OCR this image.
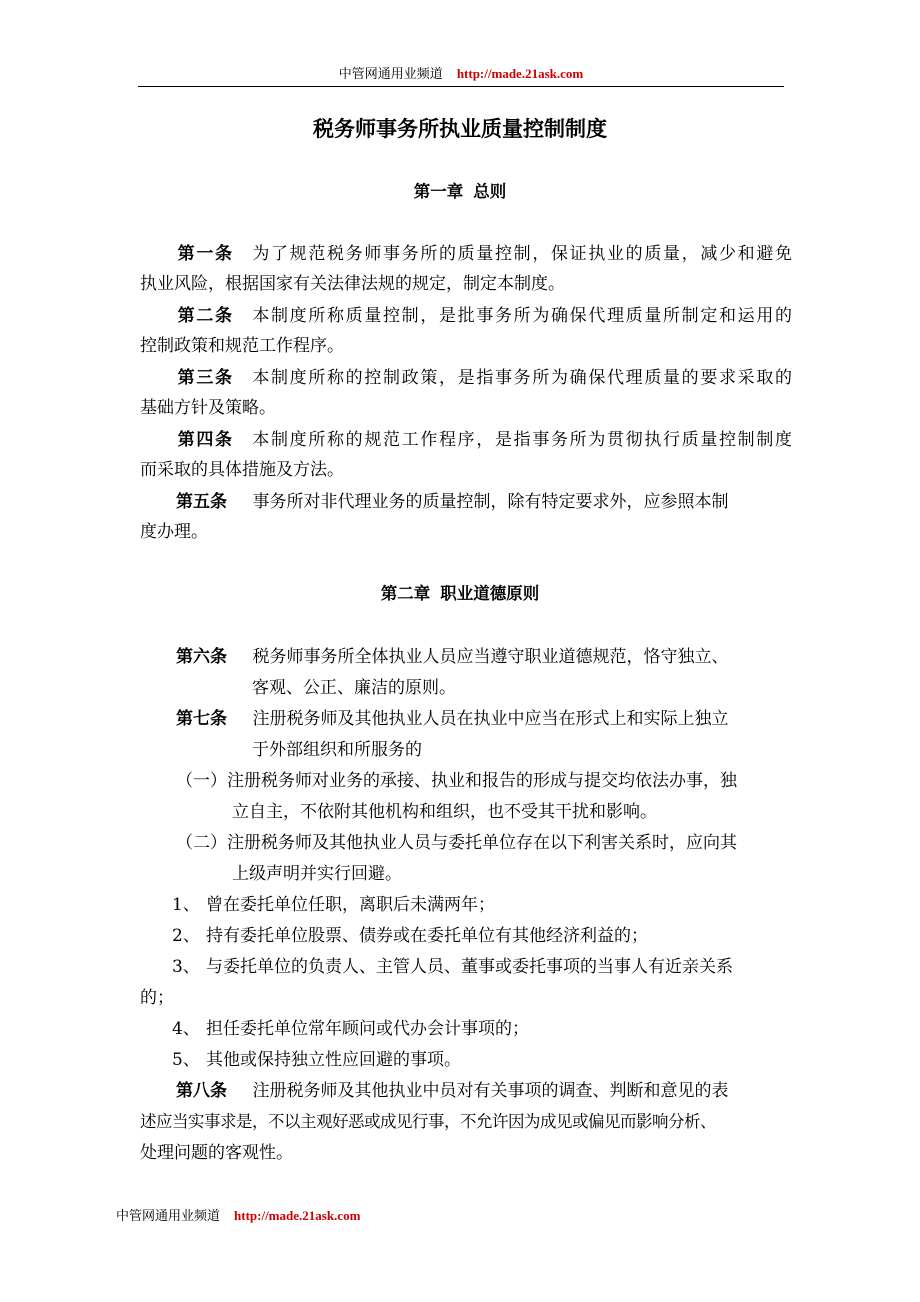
中管网通用业频道 http://made.21ask.com
税务师事务所执业质量控制制度
第一章 总则
第一条  为了规范税务师事务所的质量控制，保证执业的质量，减少和避免
执业风险，根据国家有关法律法规的规定，制定本制度。
第二条  本制度所称质量控制，是批事务所为确保代理质量所制定和运用的
控制政策和规范工作程序。
第三条  本制度所称的控制政策，是指事务所为确保代理质量的要求采取的
基础方针及策略。
第四条  本制度所称的规范工作程序，是指事务所为贯彻执行质量控制制度
而采取的具体措施及方法。
第五条   事务所对非代理业务的质量控制，除有特定要求外，应参照本制
度办理。
第二章 职业道德原则
第六条   税务师事务所全体执业人员应当遵守职业道德规范，恪守独立、
客观、公正、廉洁的原则。
第七条   注册税务师及其他执业人员在执业中应当在形式上和实际上独立
于外部组织和所服务的
（一）注册税务师对业务的承接、执业和报告的形成与提交均依法办事，独
立自主，不依附其他机构和组织，也不受其干扰和影响。
（二）注册税务师及其他执业人员与委托单位存在以下利害关系时，应向其
上级声明并实行回避。
1、 曾在委托单位任职，离职后未满两年；
2、 持有委托单位股票、债券或在委托单位有其他经济利益的；
3、 与委托单位的负责人、主管人员、董事或委托事项的当事人有近亲关系
的；
4、 担任委托单位常年顾问或代办会计事项的；
5、 其他或保持独立性应回避的事项。
第八条   注册税务师及其他执业中员对有关事项的调查、判断和意见的表
述应当实事求是，不以主观好恶或成见行事，不允许因为成见或偏见而影响分析、
处理问题的客观性。
中管网通用业频道 http://made.21ask.com
